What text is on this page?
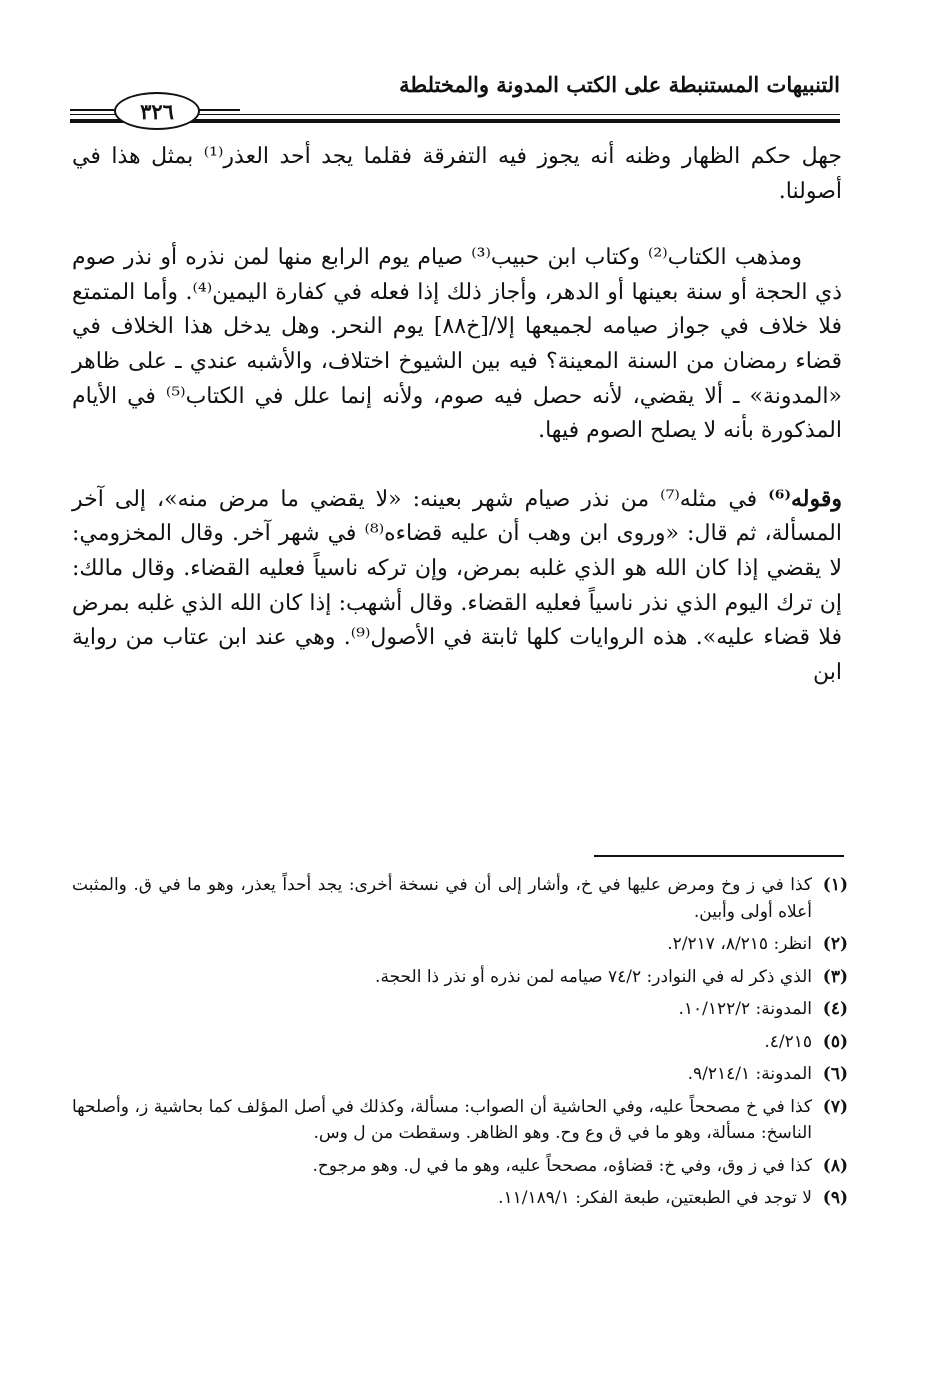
التنبيهات المستنبطة على الكتب المدونة والمختلطة
٣٢٦

جهل حكم الظهار وظنه أنه يجوز فيه التفرقة فقلما يجد أحد العذر⁽¹⁾ بمثل هذا في أصولنا.

ومذهب الكتاب⁽²⁾ وكتاب ابن حبيب⁽³⁾ صيام يوم الرابع منها لمن نذره أو نذر صوم ذي الحجة أو سنة بعينها أو الدهر، وأجاز ذلك إذا فعله في كفارة اليمين⁽⁴⁾. وأما المتمتع فلا خلاف في جواز صيامه لجميعها إلا/[خ٨٨] يوم النحر. وهل يدخل هذا الخلاف في قضاء رمضان من السنة المعينة؟ فيه بين الشيوخ اختلاف، والأشبه عندي ـ على ظاهر «المدونة» ـ ألا يقضي، لأنه حصل فيه صوم، ولأنه إنما علل في الكتاب⁽⁵⁾ في الأيام المذكورة بأنه لا يصلح الصوم فيها.

وقوله⁽⁶⁾ في مثله⁽⁷⁾ من نذر صيام شهر بعينه: «لا يقضي ما مرض منه»، إلى آخر المسألة، ثم قال: «وروى ابن وهب أن عليه قضاءه⁽⁸⁾ في شهر آخر. وقال المخزومي: لا يقضي إذا كان الله هو الذي غلبه بمرض، وإن تركه ناسياً فعليه القضاء. وقال مالك: إن ترك اليوم الذي نذر ناسياً فعليه القضاء. وقال أشهب: إذا كان الله الذي غلبه بمرض فلا قضاء عليه». هذه الروايات كلها ثابتة في الأصول⁽⁹⁾. وهي عند ابن عتاب من رواية ابن

(١)
كذا في ز وخ ومرض عليها في خ، وأشار إلى أن في نسخة أخرى: يجد أحداً يعذر، وهو ما في ق. والمثبت أعلاه أولى وأبين.
(٢)
انظر: ٨/٢١٥، ٢/٢١٧.
(٣)
الذي ذكر له في النوادر: ٧٤/٢ صيامه لمن نذره أو نذر ذا الحجة.
(٤)
المدونة: ١٠/١٢٢/٢.
(٥)
٤/٢١٥.
(٦)
المدونة: ٩/٢١٤/١.
(٧)
كذا في خ مصححاً عليه، وفي الحاشية أن الصواب: مسألة، وكذلك في أصل المؤلف كما بحاشية ز، وأصلحها الناسخ: مسألة، وهو ما في ق وع وح. وهو الظاهر. وسقطت من ل وس.
(٨)
كذا في ز وق، وفي خ: قضاؤه، مصححاً عليه، وهو ما في ل. وهو مرجوح.
(٩)
لا توجد في الطبعتين، طبعة الفكر: ١١/١٨٩/١.
